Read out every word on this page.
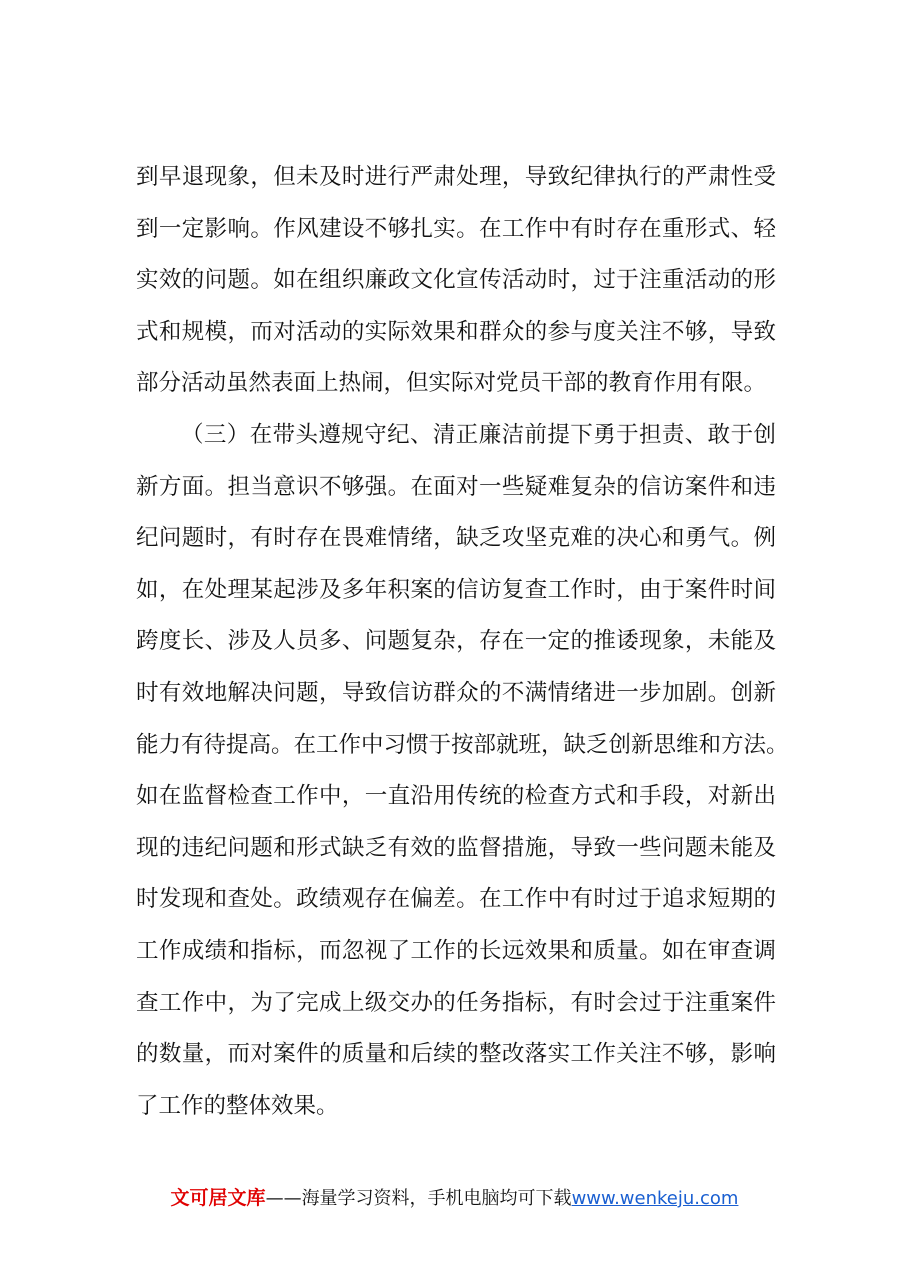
到早退现象，但未及时进行严肃处理，导致纪律执行的严肃性受
到一定影响。作风建设不够扎实。在工作中有时存在重形式、轻
实效的问题。如在组织廉政文化宣传活动时，过于注重活动的形
式和规模，而对活动的实际效果和群众的参与度关注不够，导致
部分活动虽然表面上热闹，但实际对党员干部的教育作用有限。
（三）在带头遵规守纪、清正廉洁前提下勇于担责、敢于创
新方面。担当意识不够强。在面对一些疑难复杂的信访案件和违
纪问题时，有时存在畏难情绪，缺乏攻坚克难的决心和勇气。例
如，在处理某起涉及多年积案的信访复查工作时，由于案件时间
跨度长、涉及人员多、问题复杂，存在一定的推诿现象，未能及
时有效地解决问题，导致信访群众的不满情绪进一步加剧。创新
能力有待提高。在工作中习惯于按部就班，缺乏创新思维和方法。
如在监督检查工作中，一直沿用传统的检查方式和手段，对新出
现的违纪问题和形式缺乏有效的监督措施，导致一些问题未能及
时发现和查处。政绩观存在偏差。在工作中有时过于追求短期的
工作成绩和指标，而忽视了工作的长远效果和质量。如在审查调
查工作中，为了完成上级交办的任务指标，有时会过于注重案件
的数量，而对案件的质量和后续的整改落实工作关注不够，影响
了工作的整体效果。
文可居文库——海量学习资料，手机电脑均可下载www.wenkeju.com
